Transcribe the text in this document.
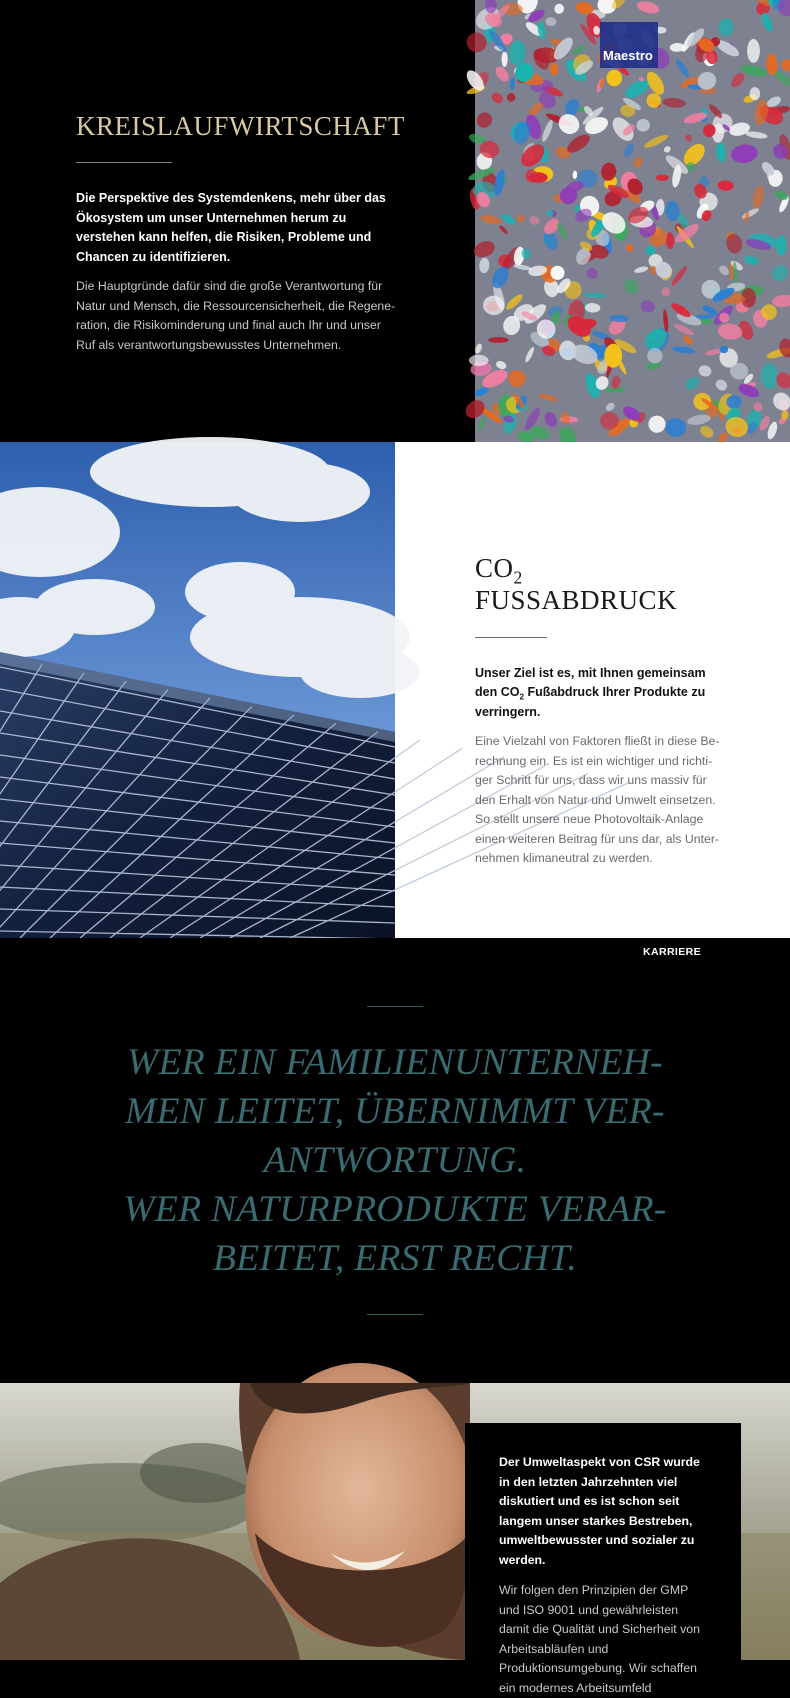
KREISLAUFWIRTSCHAFT

Die Perspektive des Systemdenkens, mehr über das Ökosystem um unser Unternehmen herum zu verstehen kann helfen, die Risiken, Probleme und Chancen zu identifizieren.

Die Hauptgründe dafür sind die große Verantwortung für Natur und Mensch, die Ressourcensicherheit, die Regeneration, die Risikominderung und final auch Ihr und unser Ruf als verantwortungsbewusstes Unternehmen.

Maestro
$CO_2$ FUSSABDRUCK

Unser Ziel ist es, mit Ihnen gemeinsam den $CO_2$ Fußabdruck Ihrer Produkte zu verringern.

Eine Vielzahl von Faktoren fließt in diese Berechnung ein. Es ist ein wichtiger und richtiger Schritt für uns, dass wir uns massiv für den Erhalt von Natur und Umwelt einsetzen. So stellt unsere neue Photovoltaik-Anlage einen weiteren Beitrag für uns dar, als Unternehmen klimaneutral zu werden.

KARRIERE
WER EIN FAMILIENUNTERNEH-
MEN LEITET, ÜBERNIMMT VER-
ANTWORTUNG.
WER NATURPRODUKTE VERAR-
BEITET, ERST RECHT.

Der Umweltaspekt von CSR wurde in den letzten Jahrzehnten viel diskutiert und es ist schon seit langem unser starkes Bestreben, umweltbewusster und sozialer zu werden.

Wir folgen den Prinzipien der GMP und ISO 9001 und gewährleisten damit die Qualität und Sicherheit von Arbeitsabläufen und Produktionsumgebung. Wir schaffen ein modernes Arbeitsumfeld
